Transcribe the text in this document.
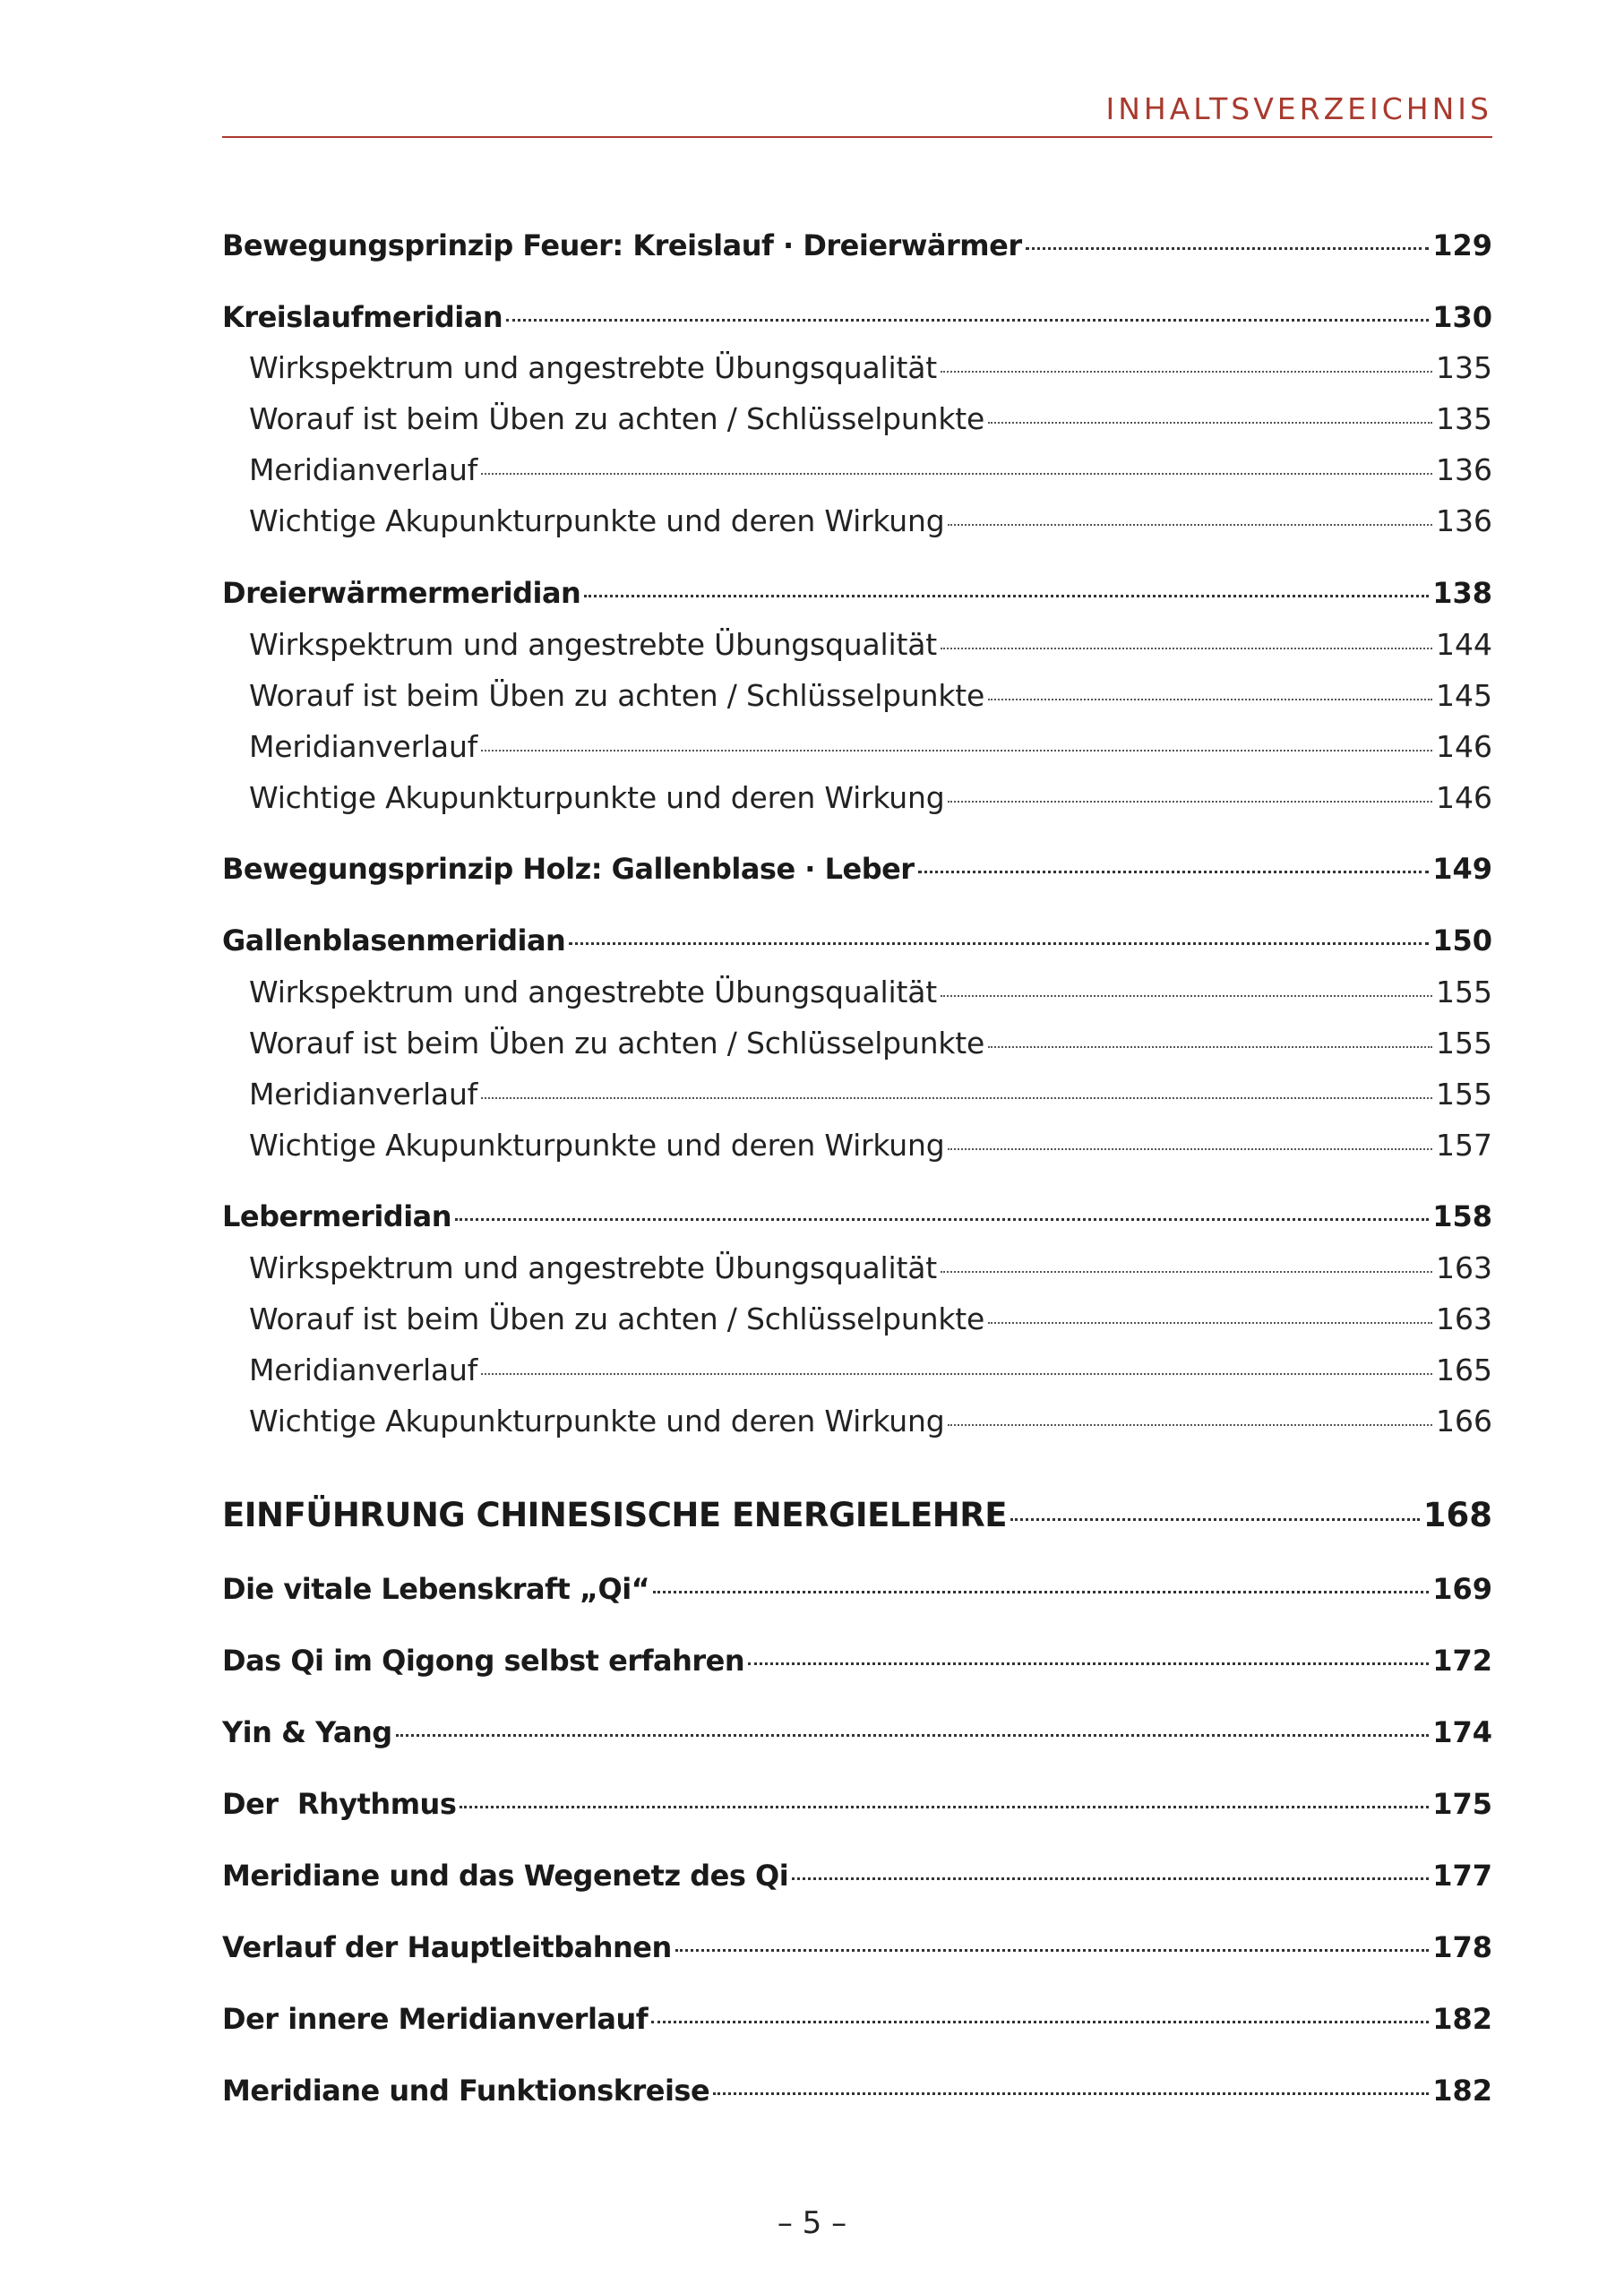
INHALTSVERZEICHNIS
Bewegungsprinzip Feuer: Kreislauf · Dreierwärmer	129
Kreislaufmeridian	130
Wirkspektrum und angestrebte Übungsqualität	135
Worauf ist beim Üben zu achten / Schlüsselpunkte	135
Meridianverlauf	136
Wichtige Akupunkturpunkte und deren Wirkung	136
Dreierwärmermeridian	138
Wirkspektrum und angestrebte Übungsqualität	144
Worauf ist beim Üben zu achten / Schlüsselpunkte	145
Meridianverlauf	146
Wichtige Akupunkturpunkte und deren Wirkung	146
Bewegungsprinzip Holz: Gallenblase · Leber	149
Gallenblasenmeridian	150
Wirkspektrum und angestrebte Übungsqualität	155
Worauf ist beim Üben zu achten / Schlüsselpunkte	155
Meridianverlauf	155
Wichtige Akupunkturpunkte und deren Wirkung	157
Lebermeridian	158
Wirkspektrum und angestrebte Übungsqualität	163
Worauf ist beim Üben zu achten / Schlüsselpunkte	163
Meridianverlauf	165
Wichtige Akupunkturpunkte und deren Wirkung	166
EINFÜHRUNG CHINESISCHE ENERGIELEHRE	168
Die vitale Lebenskraft „Qi“	169
Das Qi im Qigong selbst erfahren	172
Yin & Yang	174
Der  Rhythmus	175
Meridiane und das Wegenetz des Qi	177
Verlauf der Hauptleitbahnen	178
Der innere Meridianverlauf	182
Meridiane und Funktionskreise	182
– 5 –
